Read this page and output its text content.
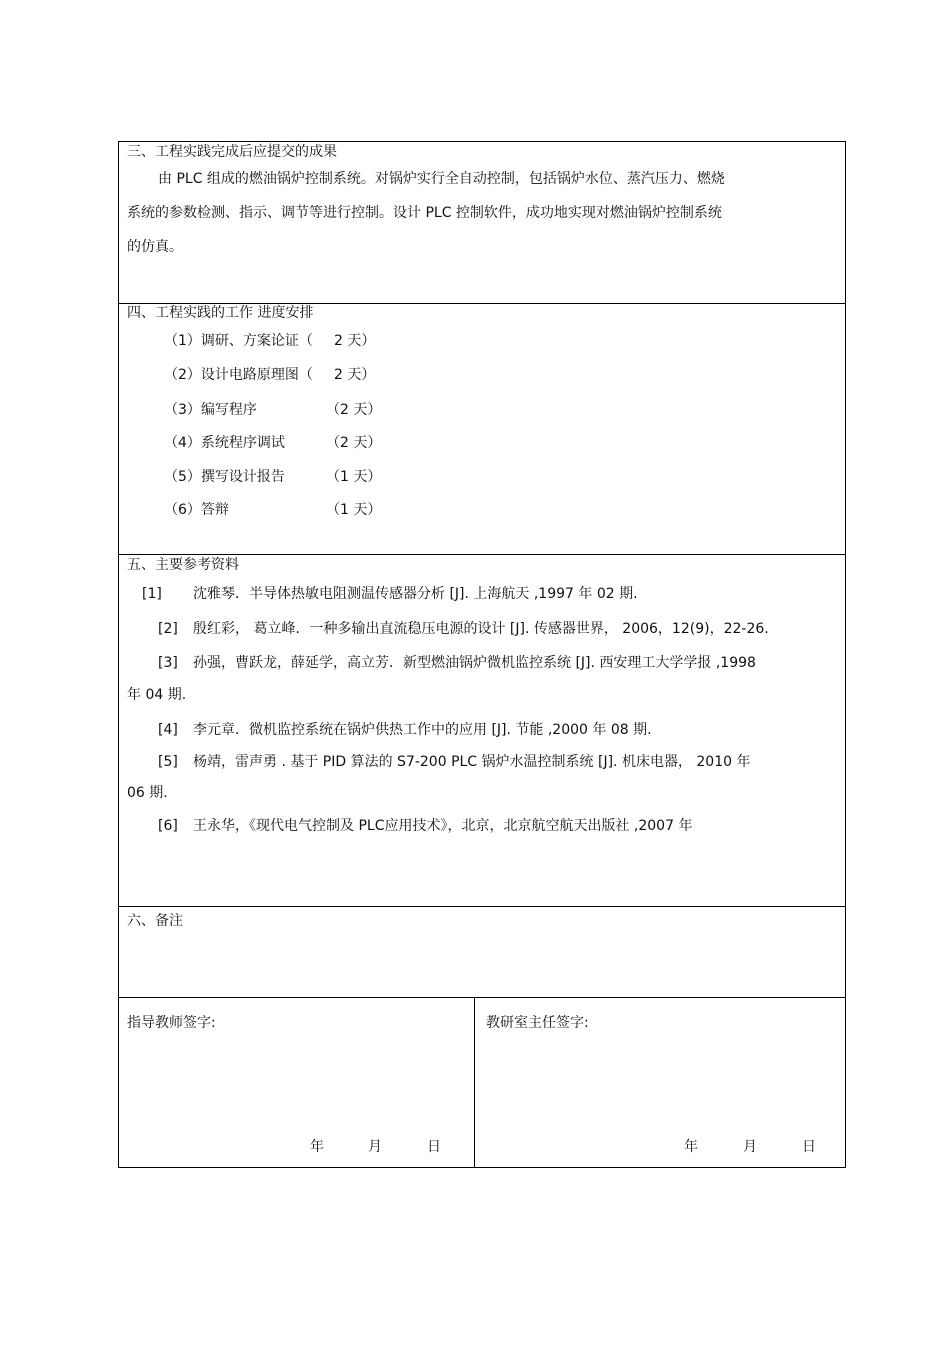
三、工程实践完成后应提交的成果
由 PLC 组成的燃油锅炉控制系统。对锅炉实行全自动控制，包括锅炉水位、蒸汽压力、燃烧
系统的参数检测、指示、调节等进行控制。设计 PLC 控制软件，成功地实现对燃油锅炉控制系统
的仿真。
四、工程实践的工作 进度安排
（1）调研、方案论证（ 2 天）
（2）设计电路原理图（ 2 天）
（3）编写程序	（2 天）
（4）系统程序调试	（2 天）
（5）撰写设计报告	（1 天）
（6）答辩	（1 天）
五、主要参考资料
[1] 沈雅琴．半导体热敏电阻测温传感器分析 [J]. 上海航天 ,1997 年 02 期.
[2] 殷红彩， 葛立峰．一种多输出直流稳压电源的设计 [J]. 传感器世界， 2006，12(9)，22-26.
[3] 孙强，曹跃龙，薛延学，高立芳．新型燃油锅炉微机监控系统 [J]. 西安理工大学学报 ,1998
年 04 期.
[4] 李元章．微机监控系统在锅炉供热工作中的应用 [J]. 节能 ,2000 年 08 期.
[5] 杨靖，雷声勇 . 基于 PID 算法的 S7-200 PLC 锅炉水温控制系统 [J]. 机床电器， 2010 年
06 期.
[6] 王永华，《现代电气控制及 PLC应用技术》，北京，北京航空航天出版社 ,2007 年
六、备注
指导教师签字:
年	月	日
教研室主任签字:
年	月	日
